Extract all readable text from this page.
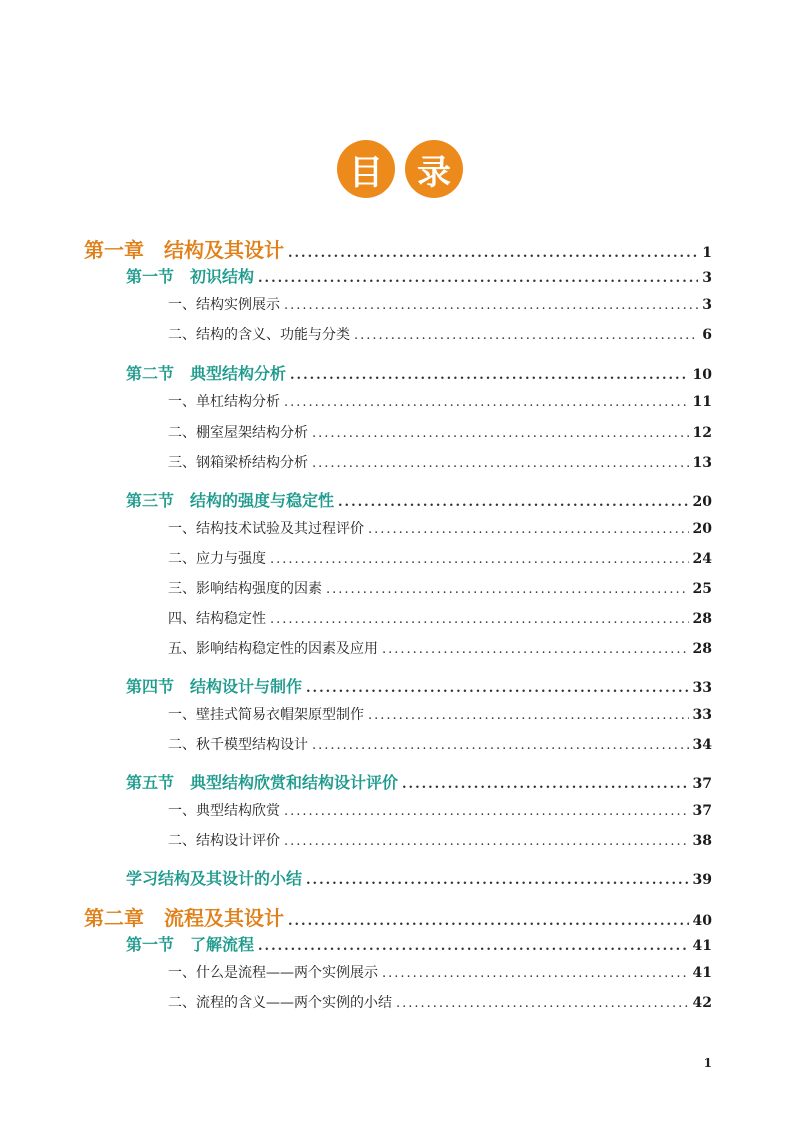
目	录
第一章　结构及其设计 .....	1
第一节　初识结构 .....	3
一、结构实例展示 .....	3
二、结构的含义、功能与分类 .....	6
第二节　典型结构分析 .....	10
一、单杠结构分析 .....	11
二、棚室屋架结构分析 .....	12
三、钢箱梁桥结构分析 .....	13
第三节　结构的强度与稳定性 .....	20
一、结构技术试验及其过程评价 .....	20
二、应力与强度 .....	24
三、影响结构强度的因素 .....	25
四、结构稳定性 .....	28
五、影响结构稳定性的因素及应用 .....	28
第四节　结构设计与制作 .....	33
一、壁挂式简易衣帽架原型制作 .....	33
二、秋千模型结构设计 .....	34
第五节　典型结构欣赏和结构设计评价 .....	37
一、典型结构欣赏 .....	37
二、结构设计评价 .....	38
学习结构及其设计的小结 .....	39
第二章　流程及其设计 .....	40
第一节　了解流程 .....	41
一、什么是流程——两个实例展示 .....	41
二、流程的含义——两个实例的小结 .....	42
1
